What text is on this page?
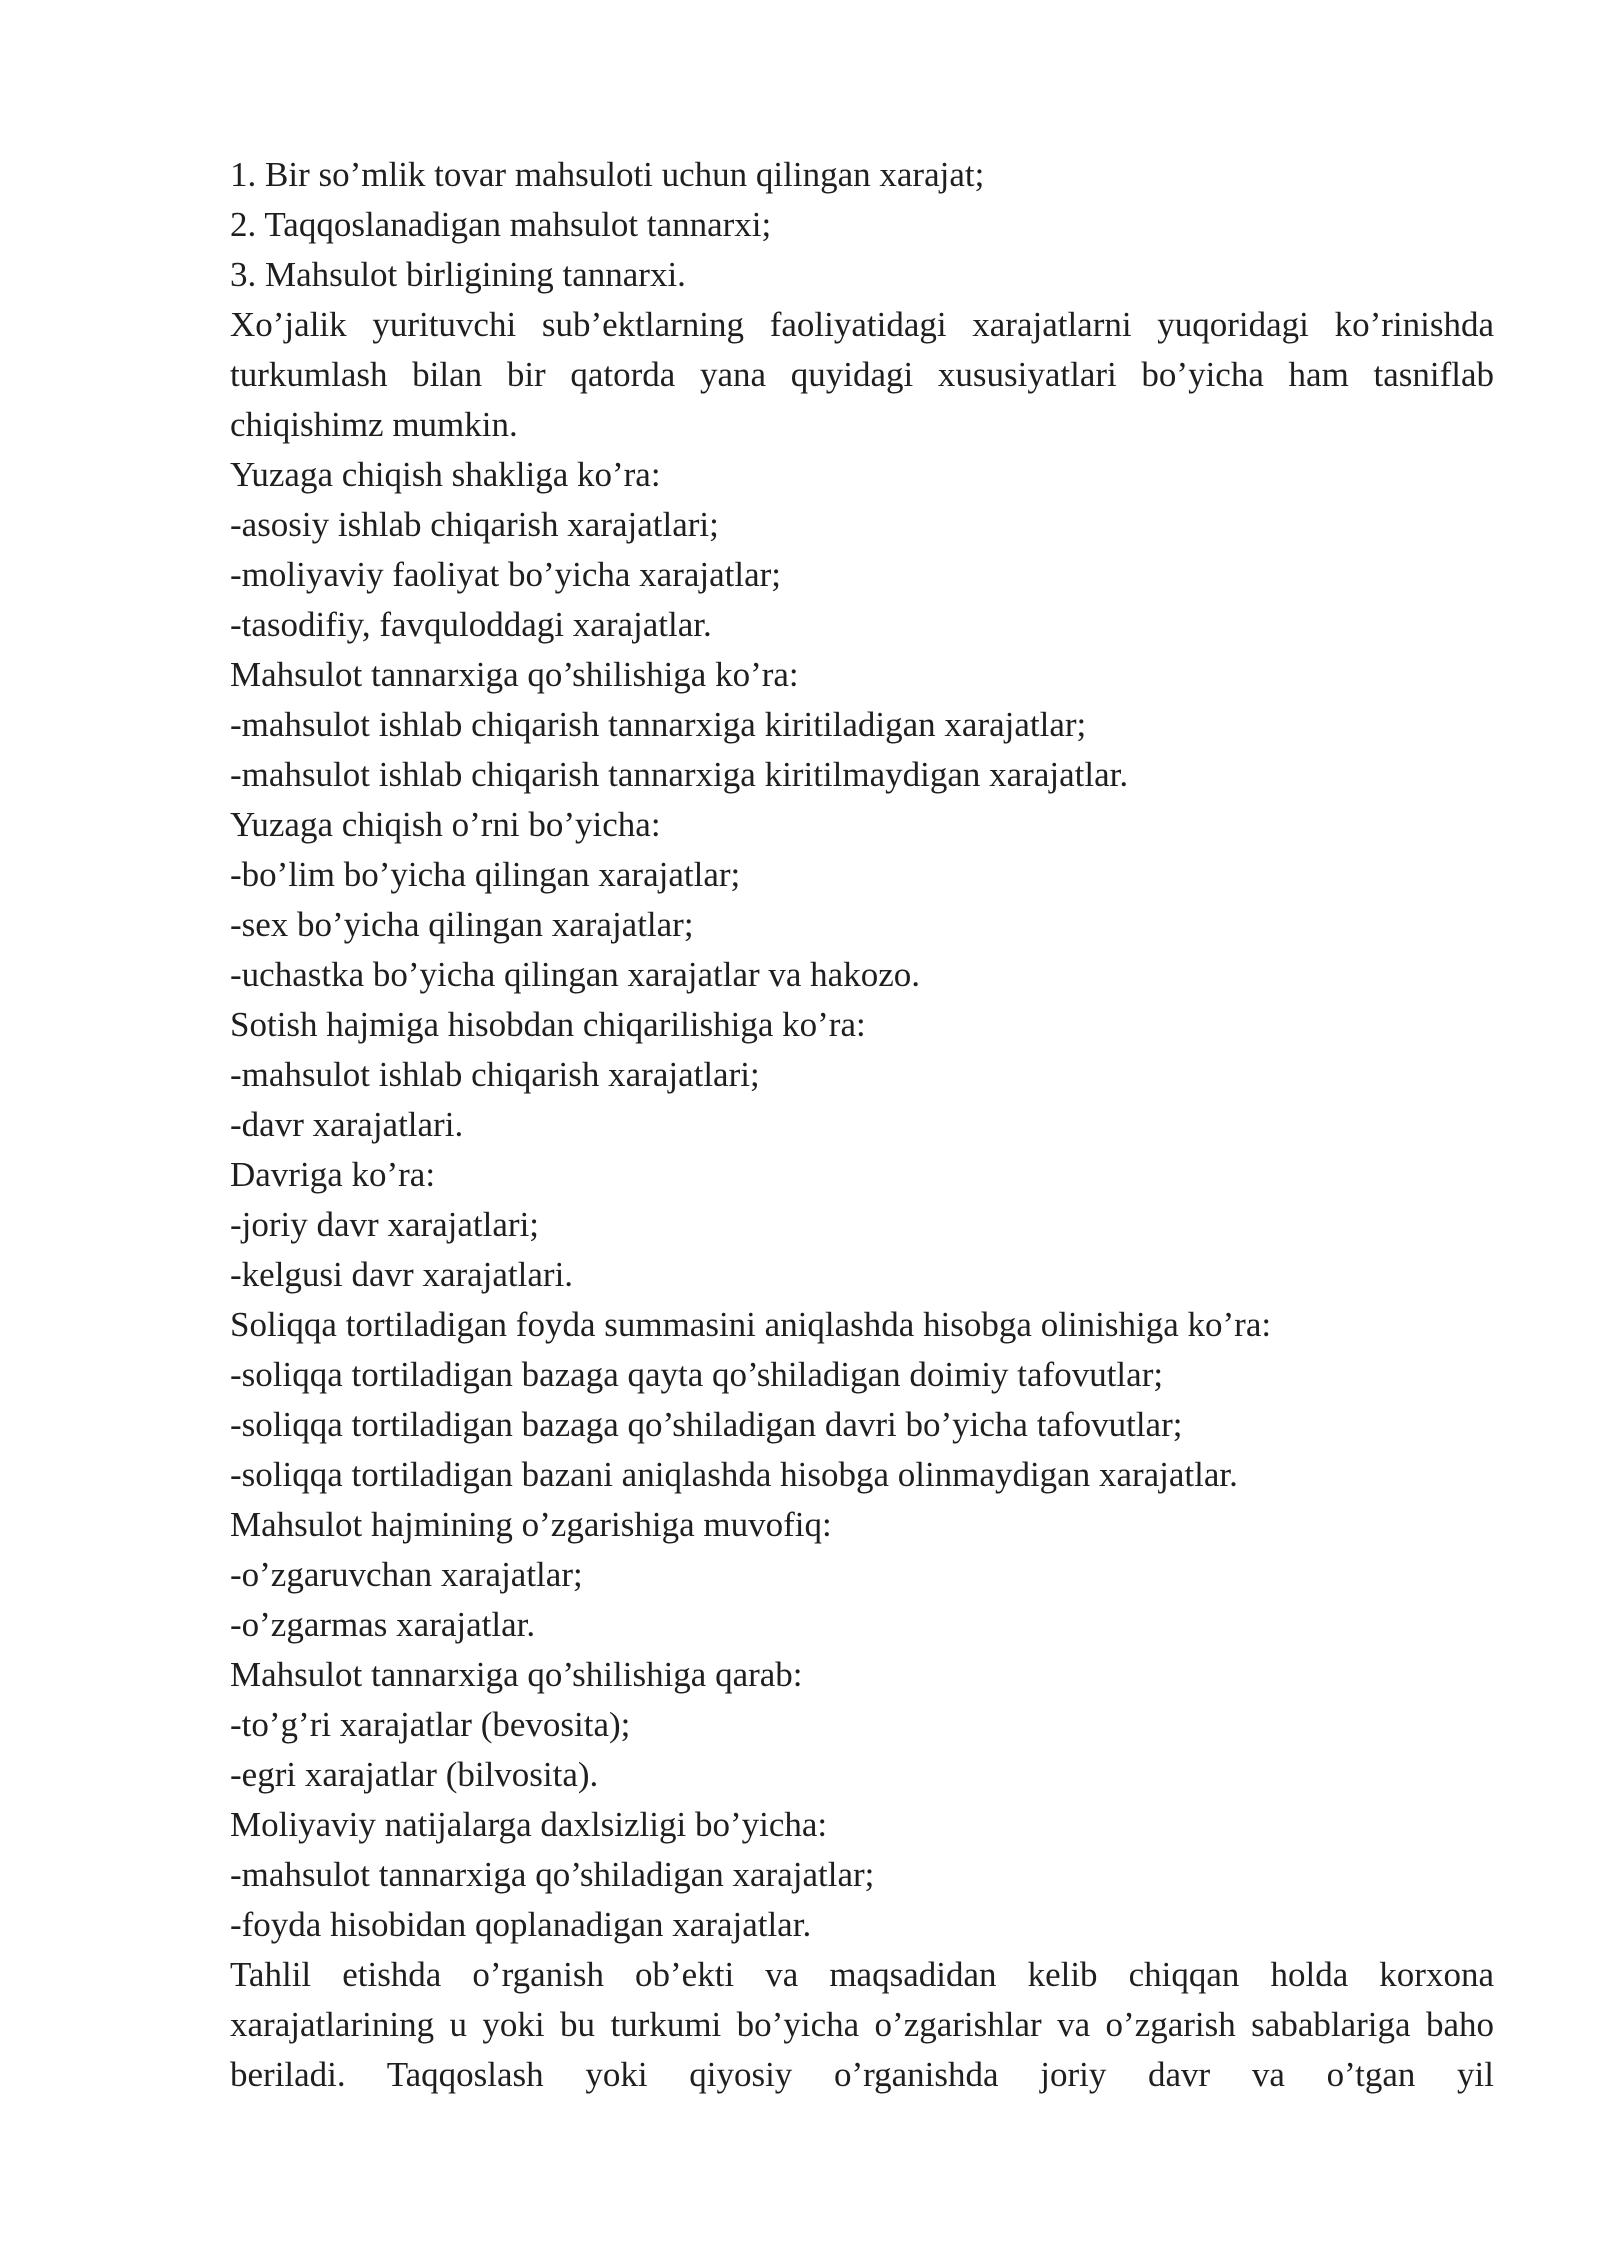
1. Bir so’mlik tovar mahsuloti uchun qilingan xarajat;
2. Taqqoslanadigan mahsulot tannarxi;
3. Mahsulot birligining tannarxi.
Xo’jalik yurituvchi sub’ektlarning faoliyatidagi xarajatlarni yuqoridagi ko’rinishda turkumlash bilan bir qatorda yana quyidagi xususiyatlari bo’yicha ham tasniflab chiqishimz mumkin.
Yuzaga chiqish shakliga ko’ra:
-asosiy ishlab chiqarish xarajatlari;
-moliyaviy faoliyat bo’yicha xarajatlar;
-tasodifiy, favquloddagi xarajatlar.
Mahsulot tannarxiga qo’shilishiga ko’ra:
-mahsulot ishlab chiqarish tannarxiga kiritiladigan xarajatlar;
-mahsulot ishlab chiqarish tannarxiga kiritilmaydigan xarajatlar.
Yuzaga chiqish o’rni bo’yicha:
-bo’lim bo’yicha qilingan xarajatlar;
-sex bo’yicha qilingan xarajatlar;
-uchastka bo’yicha qilingan xarajatlar va hakozo.
Sotish hajmiga hisobdan chiqarilishiga ko’ra:
-mahsulot ishlab chiqarish xarajatlari;
-davr xarajatlari.
Davriga ko’ra:
-joriy davr xarajatlari;
-kelgusi davr xarajatlari.
Soliqqa tortiladigan foyda summasini aniqlashda hisobga olinishiga ko’ra:
-soliqqa tortiladigan bazaga qayta qo’shiladigan doimiy tafovutlar;
-soliqqa tortiladigan bazaga qo’shiladigan davri bo’yicha tafovutlar;
-soliqqa tortiladigan bazani aniqlashda hisobga olinmaydigan xarajatlar.
Mahsulot hajmining o’zgarishiga muvofiq:
-o’zgaruvchan xarajatlar;
-o’zgarmas xarajatlar.
Mahsulot tannarxiga qo’shilishiga qarab:
-to’g’ri xarajatlar (bevosita);
-egri xarajatlar (bilvosita).
Moliyaviy natijalarga daxlsizligi bo’yicha:
-mahsulot tannarxiga qo’shiladigan xarajatlar;
-foyda hisobidan qoplanadigan xarajatlar.
Tahlil etishda o’rganish ob’ekti va maqsadidan kelib chiqqan holda korxona xarajatlarining u yoki bu turkumi bo’yicha o’zgarishlar va o’zgarish sabablariga baho beriladi. Taqqoslash yoki qiyosiy o’rganishda joriy davr va o’tgan yil
